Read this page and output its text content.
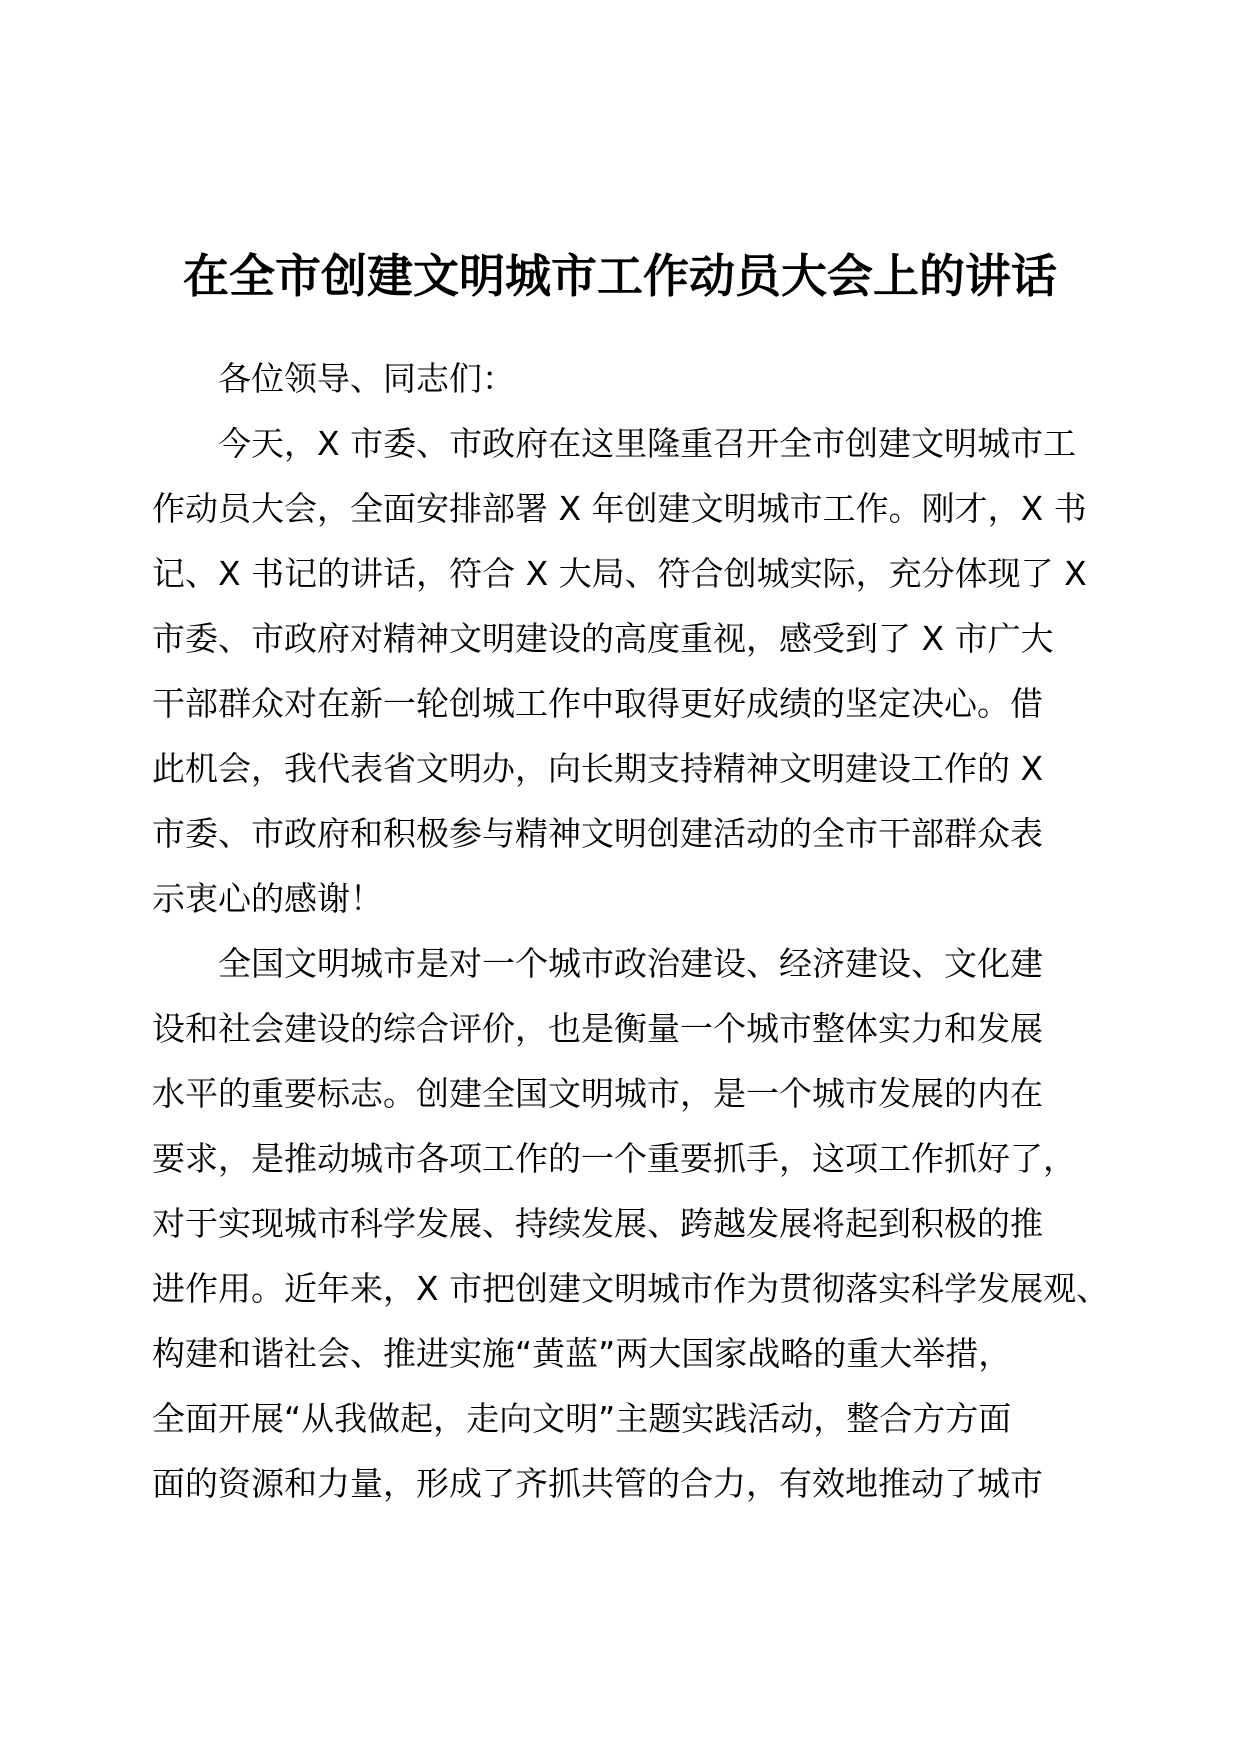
在全市创建文明城市工作动员大会上的讲话
各位领导、同志们：
今天，X 市委、市政府在这里隆重召开全市创建文明城市工
作动员大会，全面安排部署 X 年创建文明城市工作。刚才，X 书
记、X 书记的讲话，符合 X 大局、符合创城实际，充分体现了 X
市委、市政府对精神文明建设的高度重视，感受到了 X 市广大
干部群众对在新一轮创城工作中取得更好成绩的坚定决心。借
此机会，我代表省文明办，向长期支持精神文明建设工作的 X
市委、市政府和积极参与精神文明创建活动的全市干部群众表
示衷心的感谢！
全国文明城市是对一个城市政治建设、经济建设、文化建
设和社会建设的综合评价，也是衡量一个城市整体实力和发展
水平的重要标志。创建全国文明城市，是一个城市发展的内在
要求，是推动城市各项工作的一个重要抓手，这项工作抓好了，
对于实现城市科学发展、持续发展、跨越发展将起到积极的推
进作用。近年来，X 市把创建文明城市作为贯彻落实科学发展观、
构建和谐社会、推进实施“黄蓝”两大国家战略的重大举措，
全面开展“从我做起，走向文明”主题实践活动，整合方方面
面的资源和力量，形成了齐抓共管的合力，有效地推动了城市
